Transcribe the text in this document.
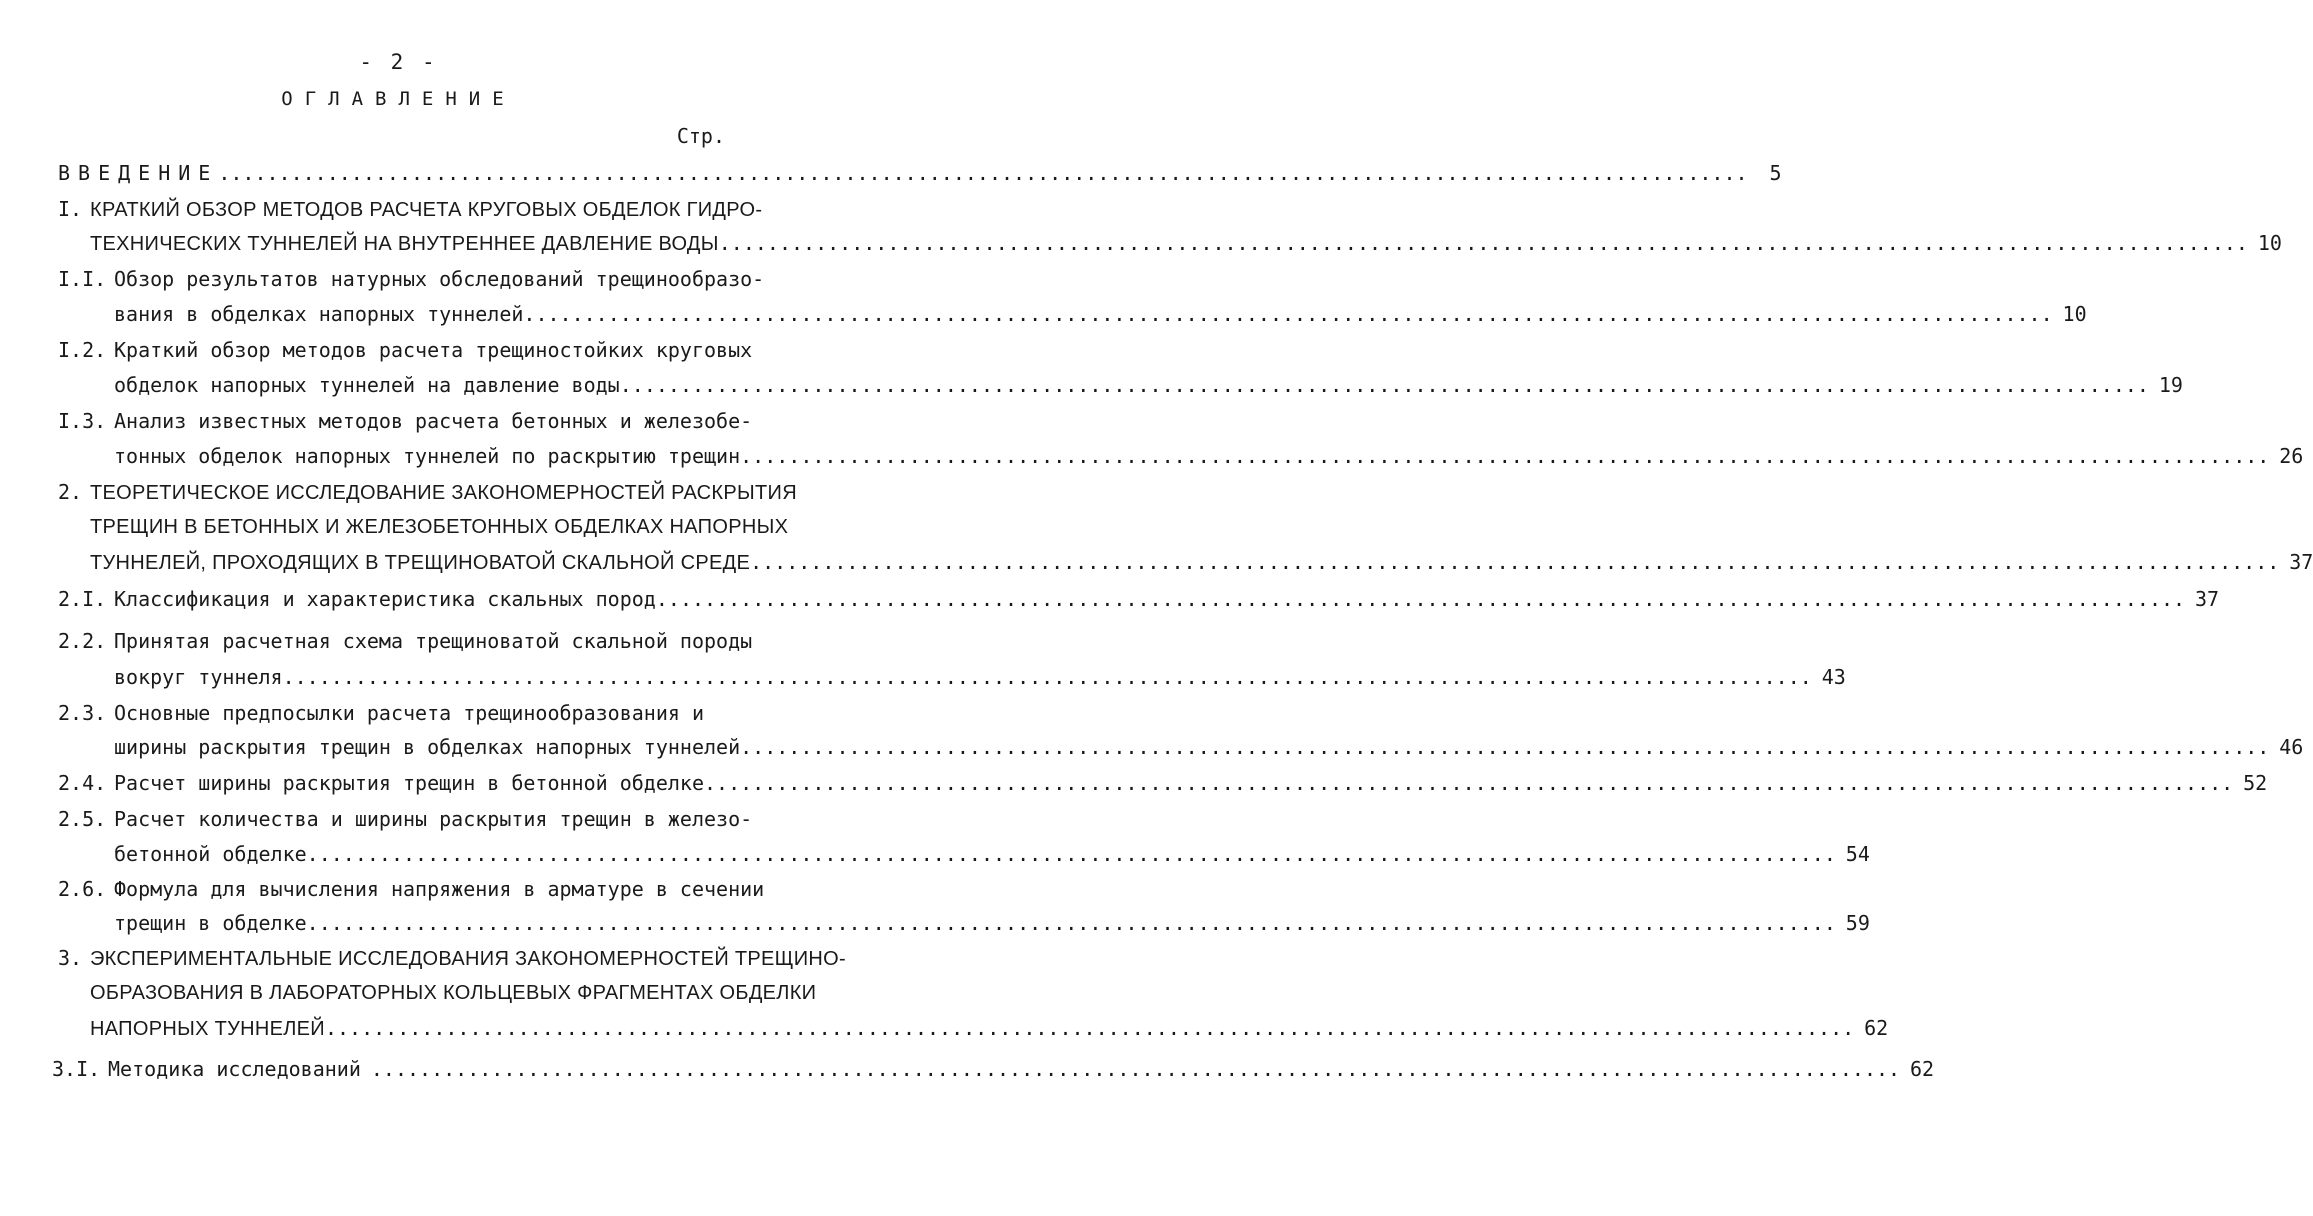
- 2 -
ОГЛАВЛЕНИЕ
Стр.
ВВЕДЕНИЕ .....	5
I. КРАТКИЙ ОБЗОР МЕТОДОВ РАСЧЕТА КРУГОВЫХ ОБДЕЛОК ГИДРО-
ТЕХНИЧЕСКИХ ТУННЕЛЕЙ НА ВНУТРЕННЕЕ ДАВЛЕНИЕ ВОДЫ .....	10
I.I. Обзор результатов натурных обследований трещинообразо-
вания в обделках напорных туннелей .....	10
I.2. Краткий обзор методов расчета трещиностойких круговых
обделок напорных туннелей на давление воды .....	19
I.3. Анализ известных методов расчета бетонных и железобе-
тонных обделок напорных туннелей по раскрытию трещин .....	26
2. ТЕОРЕТИЧЕСКОЕ ИССЛЕДОВАНИЕ ЗАКОНОМЕРНОСТЕЙ РАСКРЫТИЯ
ТРЕЩИН В БЕТОННЫХ И ЖЕЛЕЗОБЕТОННЫХ ОБДЕЛКАХ НАПОРНЫХ
ТУННЕЛЕЙ, ПРОХОДЯЩИХ В ТРЕЩИНОВАТОЙ СКАЛЬНОЙ СРЕДЕ .....	37
2.I. Классификация и характеристика скальных пород .....	37
2.2. Принятая расчетная схема трещиноватой скальной породы
вокруг туннеля .....	43
2.3. Основные предпосылки расчета трещинообразования и
ширины раскрытия трещин в обделках напорных туннелей .....	46
2.4. Расчет ширины раскрытия трещин в бетонной обделке .....	52
2.5. Расчет количества и ширины раскрытия трещин в железо-
бетонной обделке .....	54
2.6. Формула для вычисления напряжения в арматуре в сечении
трещин в обделке .....	59
3. ЭКСПЕРИМЕНТАЛЬНЫЕ ИССЛЕДОВАНИЯ ЗАКОНОМЕРНОСТЕЙ ТРЕЩИНО-
ОБРАЗОВАНИЯ В ЛАБОРАТОРНЫХ КОЛЬЦЕВЫХ ФРАГМЕНТАХ ОБДЕЛКИ
НАПОРНЫХ ТУННЕЛЕЙ .....	62
3.I. Методика исследований .....	62
